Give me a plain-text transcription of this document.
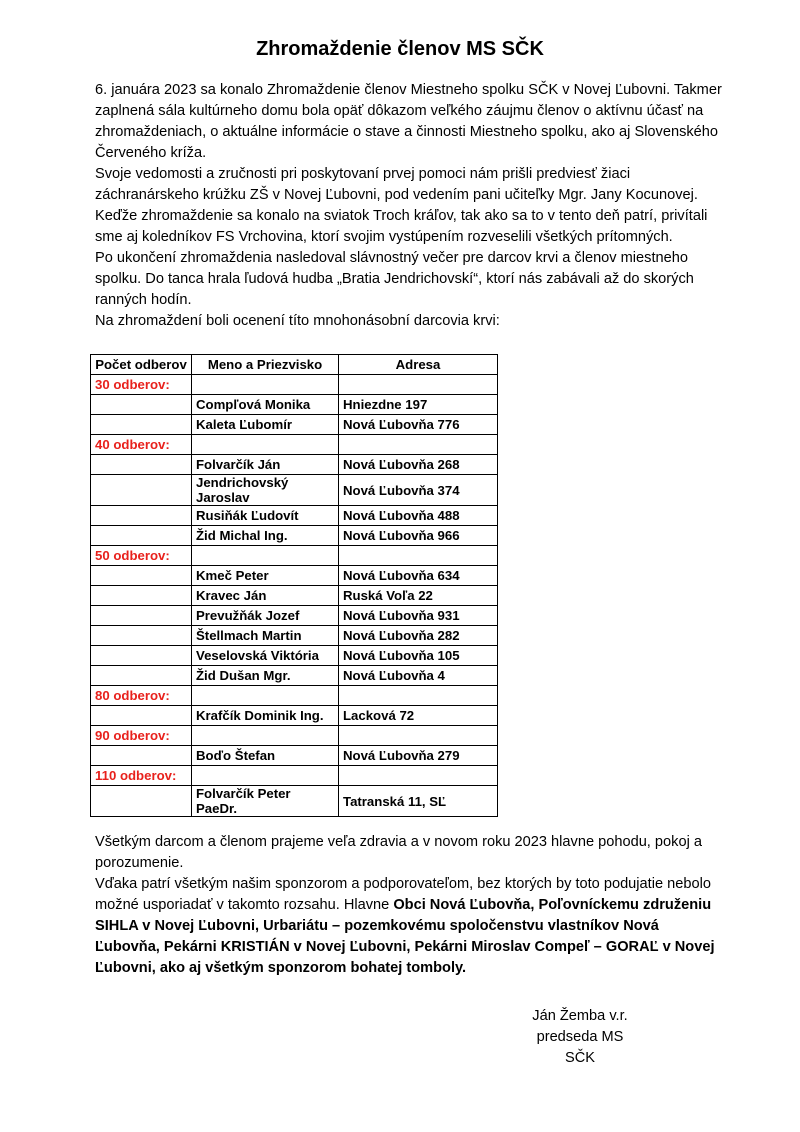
Zhromaždenie členov MS SČK

6. januára 2023 sa konalo Zhromaždenie členov Miestneho spolku SČK v Novej Ľubovni. Takmer zaplnená sála kultúrneho domu bola opäť dôkazom veľkého záujmu členov o aktívnu účasť na zhromaždeniach, o aktuálne informácie o stave a činnosti Miestneho spolku, ako aj Slovenského Červeného kríža.

Svoje vedomosti a zručnosti pri poskytovaní prvej pomoci nám prišli predviesť žiaci záchranárskeho krúžku ZŠ v Novej Ľubovni, pod vedením pani učiteľky Mgr. Jany Kocunovej.

Keďže zhromaždenie sa konalo na sviatok Troch kráľov, tak ako sa to v tento deň patrí, privítali sme aj koledníkov FS Vrchovina, ktorí svojim vystúpením rozveselili všetkých prítomných.

Po ukončení zhromaždenia nasledoval slávnostný večer pre darcov krvi a členov miestneho spolku. Do tanca hrala ľudová hudba „Bratia Jendrichovskí“, ktorí nás zabávali až do skorých ranných hodín.

Na zhromaždení boli ocenení títo mnohonásobní darcovia krvi:

Počet odberov	Meno a Priezvisko	Adresa
30 odberov:		
	Compľová Monika	Hniezdne 197
	Kaleta Ľubomír	Nová Ľubovňa 776
40 odberov:		
	Folvarčík Ján	Nová Ľubovňa 268
	Jendrichovský Jaroslav	Nová Ľubovňa 374
	Rusiňák Ľudovít	Nová Ľubovňa 488
	Žid Michal Ing.	Nová Ľubovňa 966
50 odberov:		
	Kmeč Peter	Nová Ľubovňa 634
	Kravec Ján	Ruská Voľa 22
	Prevužňák Jozef	Nová Ľubovňa 931
	Štellmach Martin	Nová Ľubovňa 282
	Veselovská Viktória	Nová Ľubovňa 105
	Žid Dušan Mgr.	Nová Ľubovňa 4
80 odberov:		
	Krafčík Dominik Ing.	Lacková 72
90 odberov:		
	Boďo Štefan	Nová Ľubovňa 279
110 odberov:		
	Folvarčík Peter PaeDr.	Tatranská 11, SĽ

Všetkým darcom a členom prajeme veľa zdravia a v novom roku 2023 hlavne pohodu, pokoj a porozumenie.

Vďaka patrí všetkým našim sponzorom a podporovateľom, bez ktorých by toto podujatie nebolo možné usporiadať v takomto rozsahu. Hlavne Obci Nová Ľubovňa, Poľovníckemu združeniu SIHLA v Novej Ľubovni, Urbariátu – pozemkovému spoločenstvu vlastníkov Nová Ľubovňa, Pekárni KRISTIÁN v Novej Ľubovni, Pekárni Miroslav Compeľ – GORAĽ v Novej Ľubovni, ako aj všetkým sponzorom bohatej tomboly.

Ján Žemba v.r.
predseda MS SČK
